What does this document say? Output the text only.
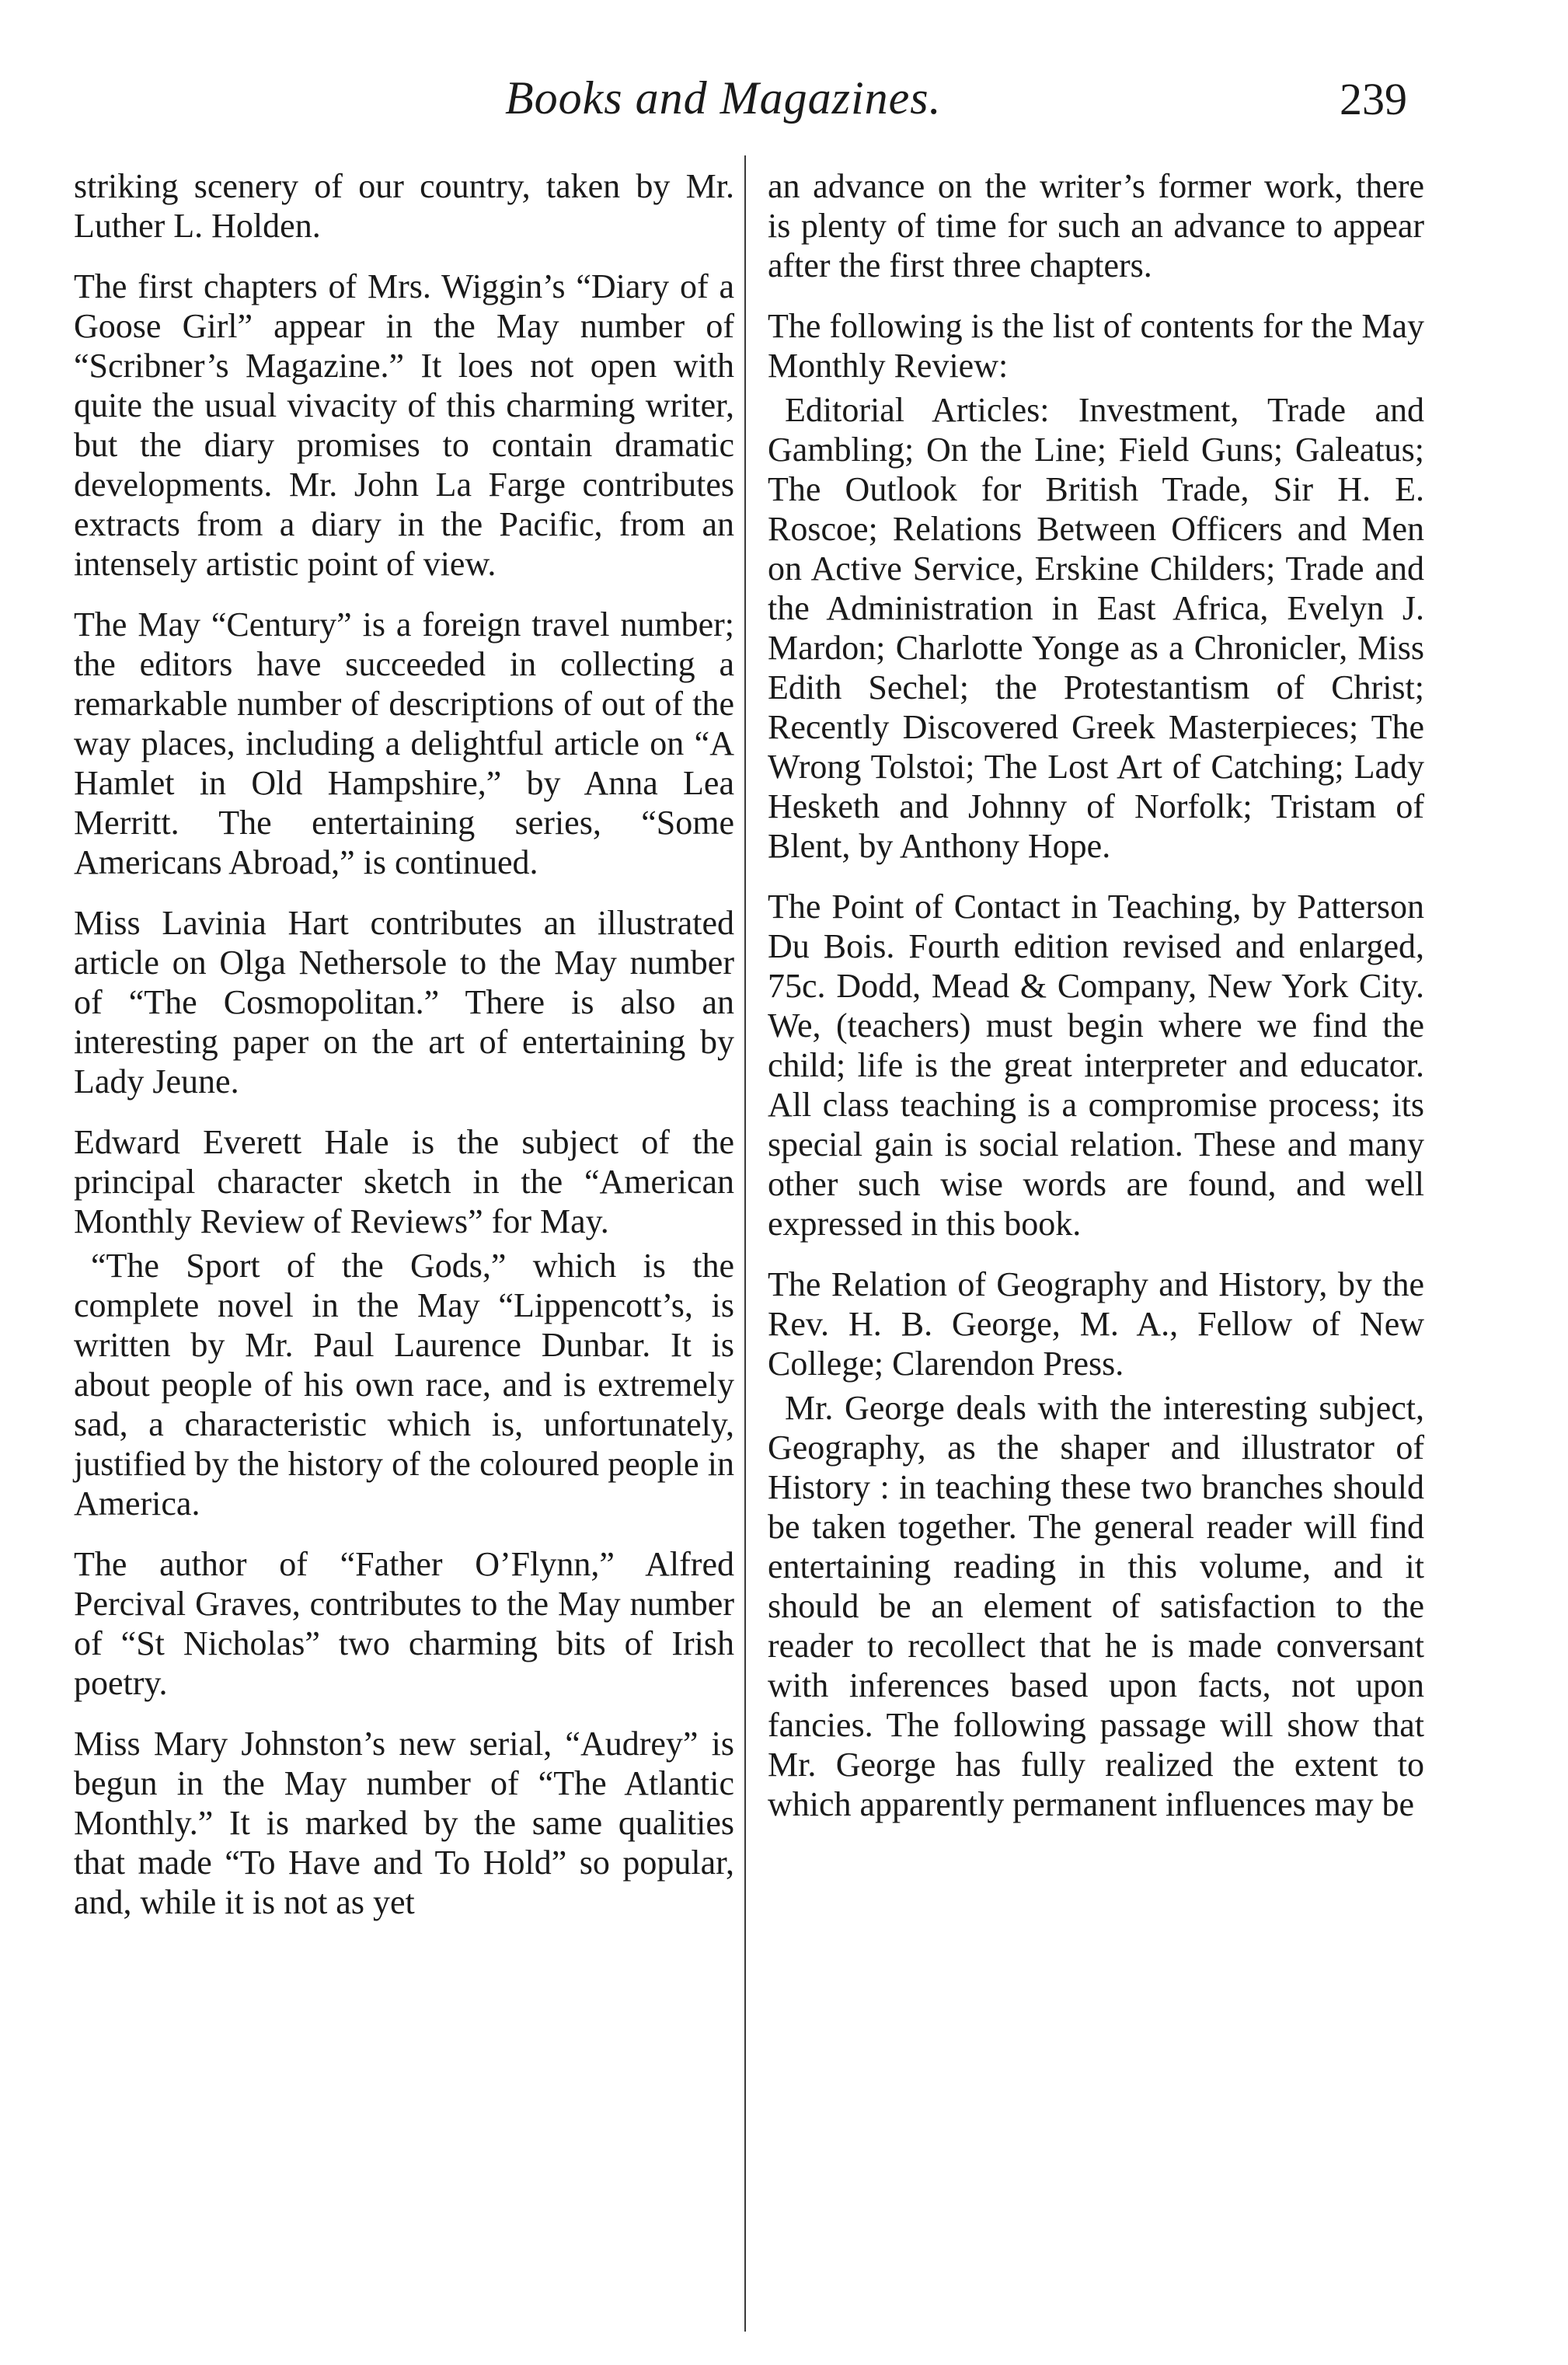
Books and Magazines.	239

striking scenery of our country, taken by Mr. Luther L. Holden.

The first chapters of Mrs. Wiggin’s “Diary of a Goose Girl” appear in the May number of “Scribner’s Magazine.” It loes not open with quite the usual vivacity of this charming writer, but the diary promises to contain dramatic developments. Mr. John La Farge contributes extracts from a diary in the Pacific, from an intensely artistic point of view.

The May “Century” is a foreign travel number; the editors have succeeded in collecting a remarkable number of descriptions of out of the way places, including a delightful article on “A Hamlet in Old Hampshire,” by Anna Lea Merritt. The entertaining series, “Some Americans Abroad,” is continued.

Miss Lavinia Hart contributes an illustrated article on Olga Nethersole to the May number of “The Cosmopolitan.” There is also an interesting paper on the art of entertaining by Lady Jeune.

Edward Everett Hale is the subject of the principal character sketch in the “American Monthly Review of Reviews” for May.

“The Sport of the Gods,” which is the complete novel in the May “Lippencott’s, is written by Mr. Paul Laurence Dunbar. It is about people of his own race, and is extremely sad, a characteristic which is, unfortunately, justified by the history of the coloured people in America.

The author of “Father O’Flynn,” Alfred Percival Graves, contributes to the May number of “St Nicholas” two charming bits of Irish poetry.

Miss Mary Johnston’s new serial, “Audrey” is begun in the May number of “The Atlantic Monthly.” It is marked by the same qualities that made “To Have and To Hold” so popular, and, while it is not as yet

an advance on the writer’s former work, there is plenty of time for such an advance to appear after the first three chapters.

The following is the list of contents for the May Monthly Review:

Editorial Articles: Investment, Trade and Gambling; On the Line; Field Guns; Galeatus; The Outlook for British Trade, Sir H. E. Roscoe; Relations Between Officers and Men on Active Service, Erskine Childers; Trade and the Administration in East Africa, Evelyn J. Mardon; Charlotte Yonge as a Chronicler, Miss Edith Sechel; the Protestantism of Christ; Recently Discovered Greek Masterpieces; The Wrong Tolstoi; The Lost Art of Catching; Lady Hesketh and Johnny of Norfolk; Tristam of Blent, by Anthony Hope.

The Point of Contact in Teaching, by Patterson Du Bois. Fourth edition revised and enlarged, 75c. Dodd, Mead & Company, New York City. We, (teachers) must begin where we find the child; life is the great interpreter and educator. All class teaching is a compromise process; its special gain is social relation. These and many other such wise words are found, and well expressed in this book.

The Relation of Geography and History, by the Rev. H. B. George, M. A., Fellow of New College; Clarendon Press.

Mr. George deals with the interesting subject, Geography, as the shaper and illustrator of History : in teaching these two branches should be taken together. The general reader will find entertaining reading in this volume, and it should be an element of satisfaction to the reader to recollect that he is made conversant with inferences based upon facts, not upon fancies. The following passage will show that Mr. George has fully realized the extent to which apparently permanent influences may be
